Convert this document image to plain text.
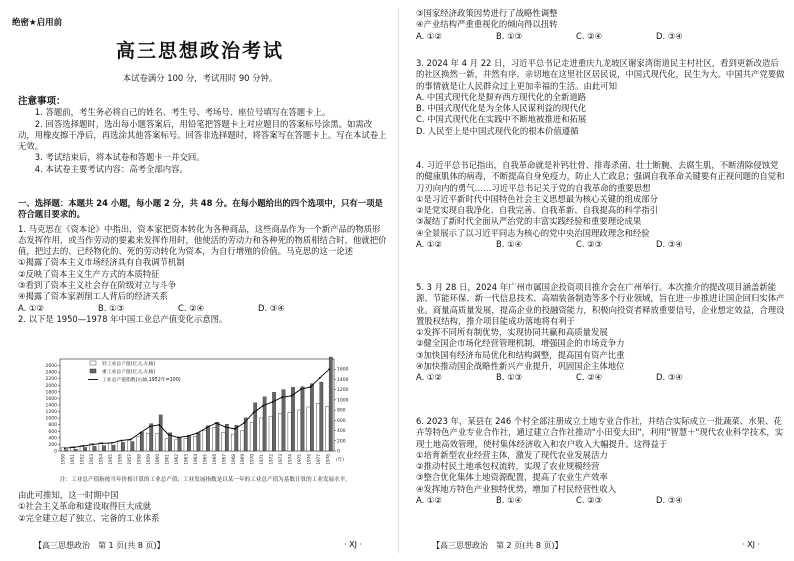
绝密★启用前
高三思想政治考试
本试卷满分 100 分，考试用时 90 分钟。
注意事项：

1. 答题前，考生务必将自己的姓名、考生号、考场号、座位号填写在答题卡上。

2. 回答选择题时，选出每小题答案后，用铅笔把答题卡上对应题目的答案标号涂黑。如需改动，用橡皮擦干净后，再选涂其他答案标号。回答非选择题时，将答案写在答题卡上。写在本试卷上无效。

3. 考试结束后，将本试卷和答题卡一并交回。

4. 本试卷主要考试内容：高考全部内容。

一、选择题：本题共 24 小题，每小题 2 分，共 48 分。在每小题给出的四个选项中，只有一项是符合题目要求的。

1. 马克思在《资本论》中指出，资本家把资本转化为各种商品，这些商品作为一个新产品的物质形态发挥作用，或当作劳动的要素来发挥作用时，他使活的劳动力和各种死的物质相结合时，他就把价值，把过去的、已经物化的、死的劳动转化为资本，为自行增殖的价值。马克思的这一论述

①揭露了资本主义市场经济具有自我调节机制

②反映了资本主义生产方式的本质特征

③看到了资本主义社会存在阶级对立与斗争

④揭露了资本家剥削工人背后的经济关系

A. ①②	B. ①③	C. ②④	D. ③④

2. 以下是 1950—1978 年中国工业总产值变化示意图。

0
200
400
600
800
1000
1200
1400
1600
1800
2000
2200
2400
2600
0
200
400
600
800
1000
1200
1400
1600
1950 1951 1952 1953 1954 1955 1956 1957 1958 1959 1960 1961 1962 1963 1964 1965 1966 1967 1968 1969 1970 1971 1972 1973 1974 1975 1976 1977 1978 (年)
轻工业总产值(亿元,左轴)
重工业总产值(亿元,左轴)
工业总产值指数(右轴,1952年=100)
注：工业总产值指按当年价格计算的工业总产值；工业发展指数是以某一年的工业总产值为基数计算的工业发展水平。

由此可推知，这一时期中国

①社会主义革命和建设取得巨大成就

②完全建立起了独立、完备的工业体系

【高三思想政治　第 1 页(共 8 页)】	· XJ ·

③国家经济政策因势进行了战略性调整

④产业结构严重重视化的倾向得以扭转

A. ①②	B. ①③	C. ②④	D. ③④

3. 2024 年 4 月 22 日，习近平总书记走进重庆九龙坡区谢家湾街道民主村社区，看到更新改造后的社区换然一新，并然有序，亲切地在这里社区居民说，中国式现代化，民生为大。中国共产党要做的事情就是让人民群众过上更加幸福的生活。由此可知

A. 中国式现代化是摒弃西方现代化的全新道路

B. 中国式现代化是为全体人民谋利益的现代化

C. 中国式现代化在实践中不断地被推进和拓展

D. 人民至上是中国式现代化的根本价值遵循

4. 习近平总书记指出，自我革命就是补钙壮骨、排毒杀菌、壮士断腕、去腐生肌，不断清除侵蚀党的健康肌体的病毒，不断提高自身免疫力，防止人亡政息；强调自我革命关键要有正视问题的自觉和刀刃向内的勇气……习近平总书记关于党的自我革命的重要思想

①是习近平新时代中国特色社会主义思想最为核心关键的组成部分

②是党实现自我净化、自我完善、自我革新、自我提高的科学指引

③凝结了新时代全面从严治党的丰富实践经验和重要理论成果

④全景展示了以习近平同志为核心的党中央治国理政理念和经验

A. ①②	B. ①④	C. ②③	D. ③④

5. 3 月 28 日，2024 年广州市属国企投资项目推介会在广州举行。本次推介的提改项目涵盖新能源、节能环保、新一代信息技术、高端装备制造等多个行业领域，旨在进一步推进让国企回归实体产业。商量高质量发展，提高企业的投融资能力，积极向投资者释放重要信号，企业想定效益，合理设置股权结构，推介项目能成功落地将有利于

①发挥不同所有制优势，实现协同共赢和高质量发展

②健全国企市场化经营管理机制，增强国企的市场竞争力

③加快国有经济布局优化和结构调整，提高国有资产比重

④加快推动国企战略性新兴产业提升，巩固国企主体地位

A. ①②	B. ①③	C. ②④	D. ③④

6. 2023 年，某县在 246 个村全部注册成立土地专业合作社，并结合实际成立一批蔬菜、水果、花卉等特色产业专业合作社，通过建立合作社推动"小田变大田"，利用"智慧＋"现代农业科学技术，实现土地高效管理，使村集体经济收入和农户收入大幅提升。这得益于

①培育新型农业经营主体，激发了现代农业发展活力

②推动村民土地承包权流转，实现了农业规模经营

③整合优化集体土地资源配置，提高了农业生产效率

④发挥地方特色产业独特优势，增加了村民经营性收入

A. ①②	B. ①④	C. ②③	D. ③④
【高三思想政治　第 2 页(共 8 页)】	· XJ ·
